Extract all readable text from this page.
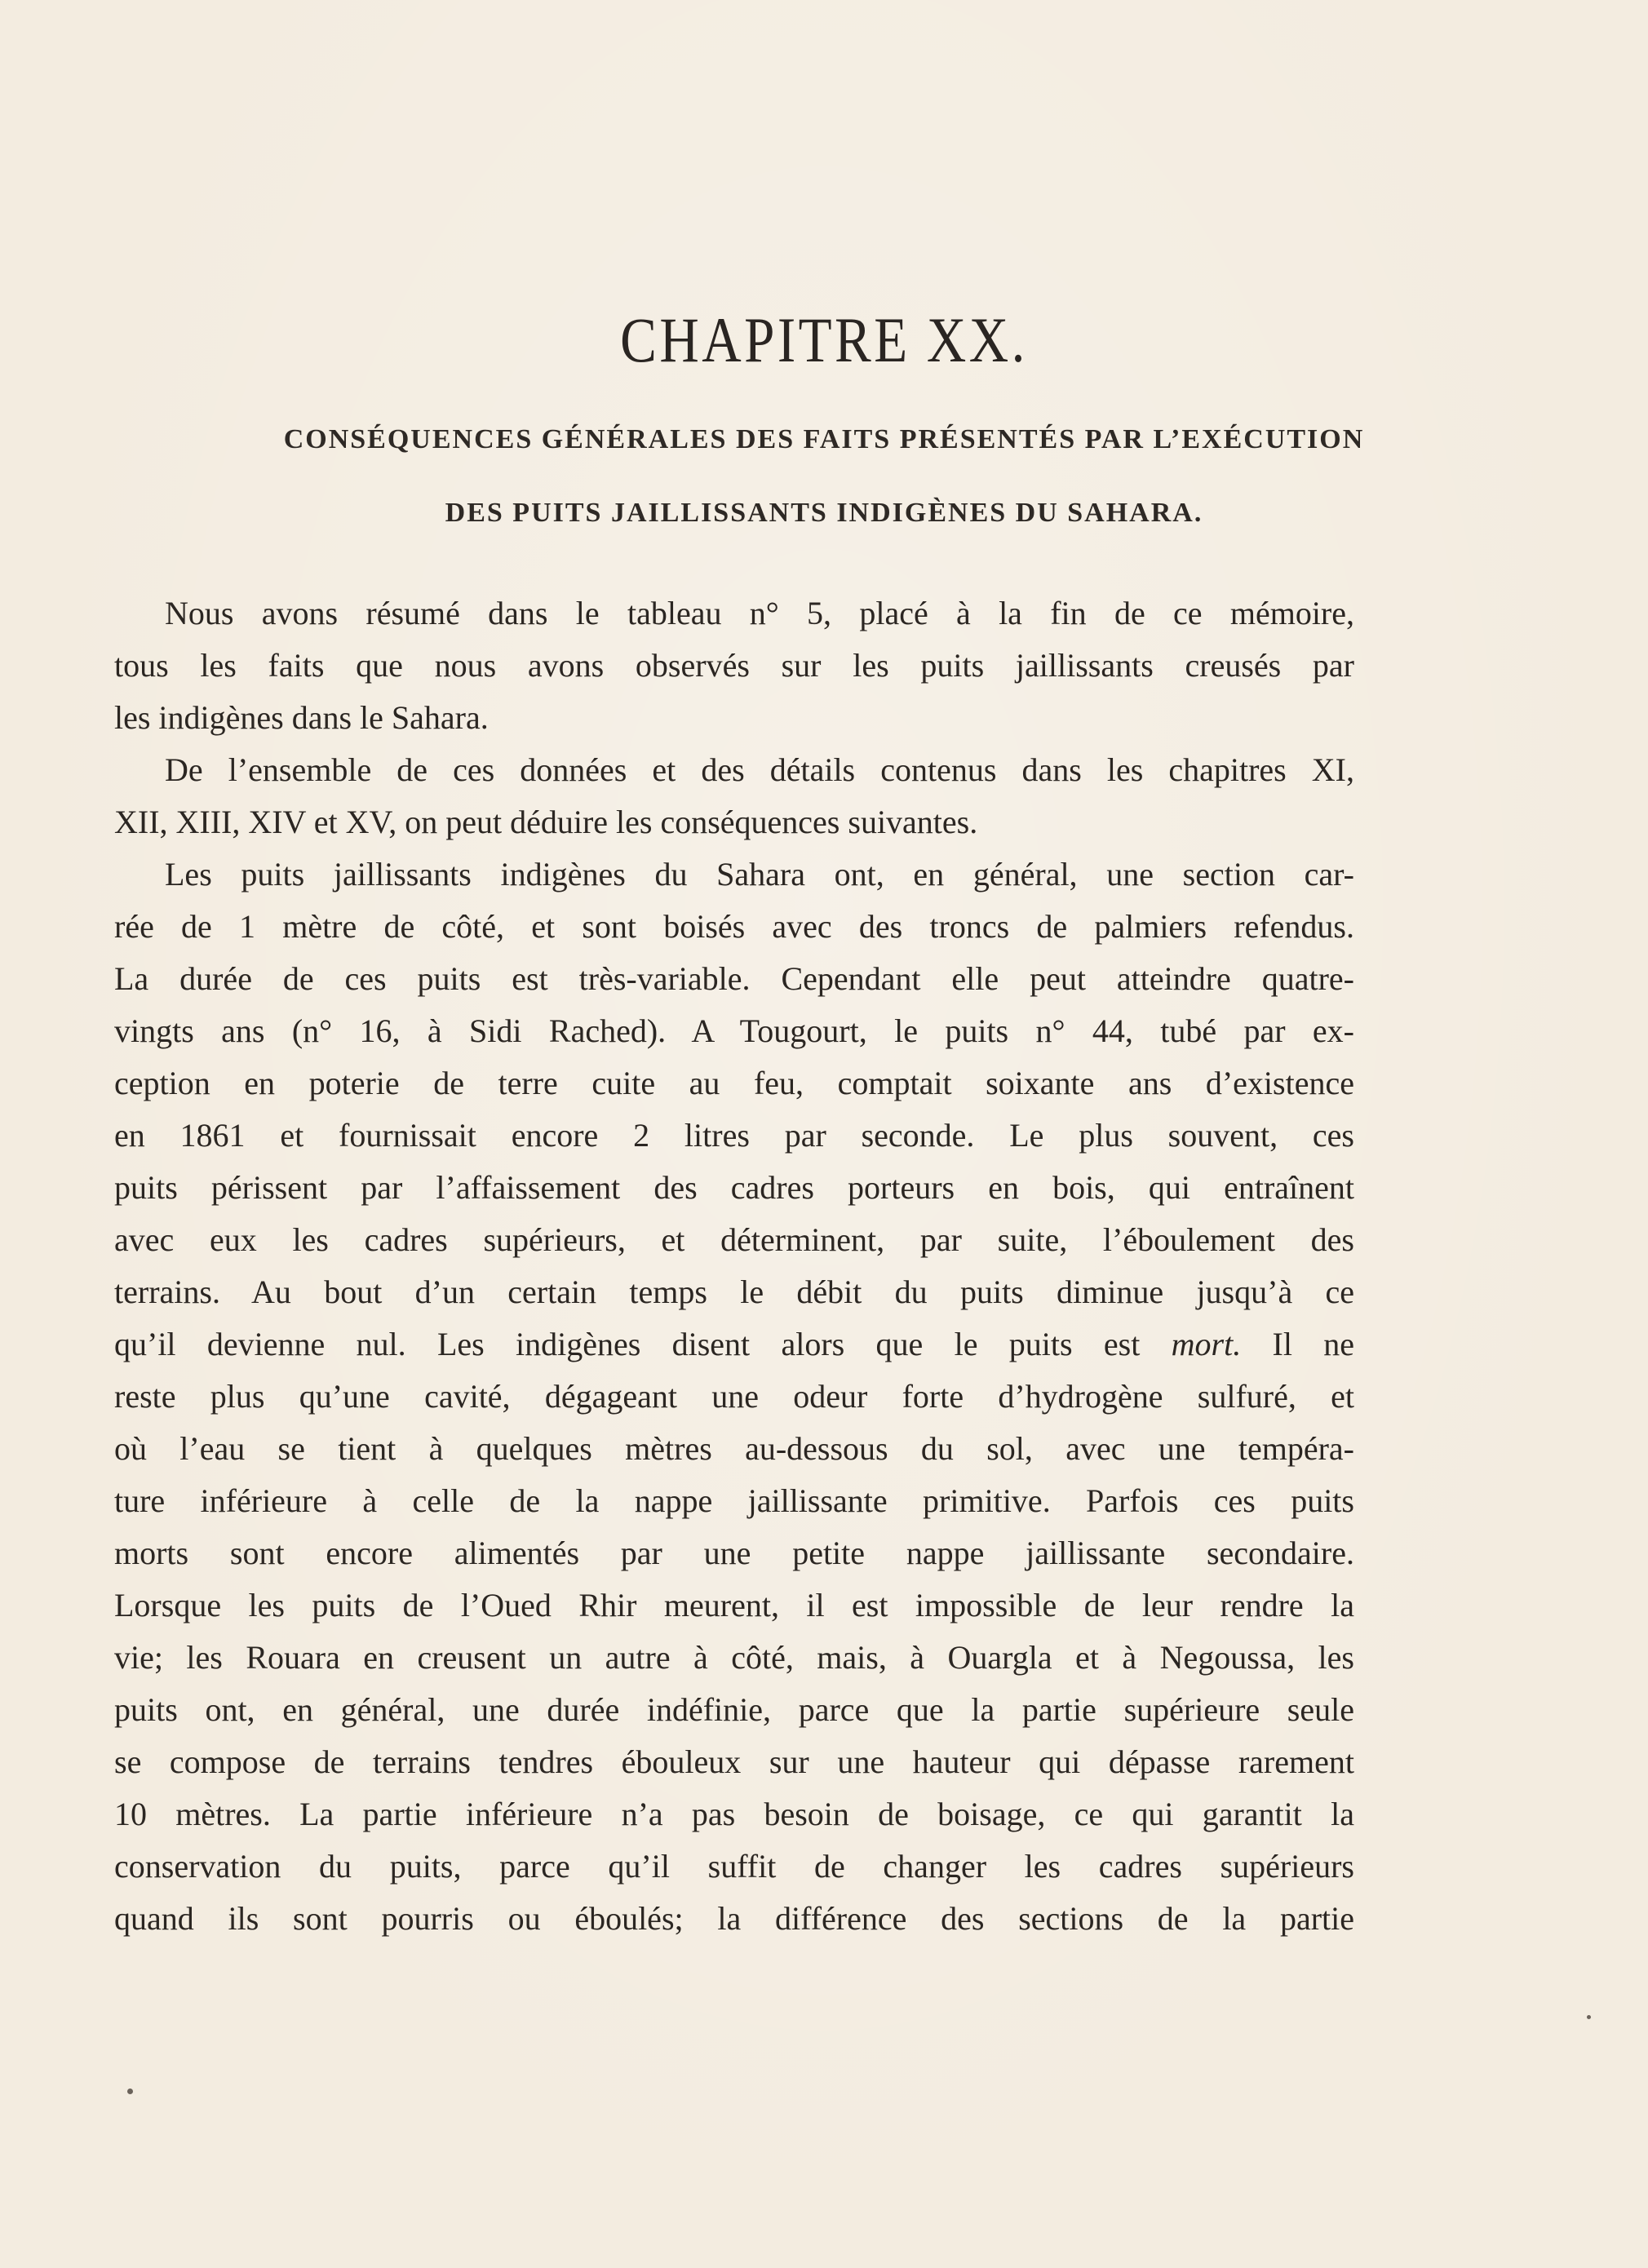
CHAPITRE XX.

CONSÉQUENCES GÉNÉRALES DES FAITS PRÉSENTÉS PAR L’EXÉCUTION

DES PUITS JAILLISSANTS INDIGÈNES DU SAHARA.

Nous avons résumé dans le tableau n° 5, placé à la fin de ce mémoire,
tous les faits que nous avons observés sur les puits jaillissants creusés par
les indigènes dans le Sahara.
De l’ensemble de ces données et des détails contenus dans les chapitres XI,
XII, XIII, XIV et XV, on peut déduire les conséquences suivantes.
Les puits jaillissants indigènes du Sahara ont, en général, une section car-
rée de 1 mètre de côté, et sont boisés avec des troncs de palmiers refendus.
La durée de ces puits est très-variable. Cependant elle peut atteindre quatre-
vingts ans (n° 16, à Sidi Rached). A Tougourt, le puits n° 44, tubé par ex-
ception en poterie de terre cuite au feu, comptait soixante ans d’existence
en 1861 et fournissait encore 2 litres par seconde. Le plus souvent, ces
puits périssent par l’affaissement des cadres porteurs en bois, qui entraînent
avec eux les cadres supérieurs, et déterminent, par suite, l’éboulement des
terrains. Au bout d’un certain temps le débit du puits diminue jusqu’à ce
qu’il devienne nul. Les indigènes disent alors que le puits est mort. Il ne
reste plus qu’une cavité, dégageant une odeur forte d’hydrogène sulfuré, et
où l’eau se tient à quelques mètres au-dessous du sol, avec une tempéra-
ture inférieure à celle de la nappe jaillissante primitive. Parfois ces puits
morts sont encore alimentés par une petite nappe jaillissante secondaire.
Lorsque les puits de l’Oued Rhir meurent, il est impossible de leur rendre la
vie; les Rouara en creusent un autre à côté, mais, à Ouargla et à Negoussa, les
puits ont, en général, une durée indéfinie, parce que la partie supérieure seule
se compose de terrains tendres ébouleux sur une hauteur qui dépasse rarement
10 mètres. La partie inférieure n’a pas besoin de boisage, ce qui garantit la
conservation du puits, parce qu’il suffit de changer les cadres supérieurs
quand ils sont pourris ou éboulés; la différence des sections de la partie
